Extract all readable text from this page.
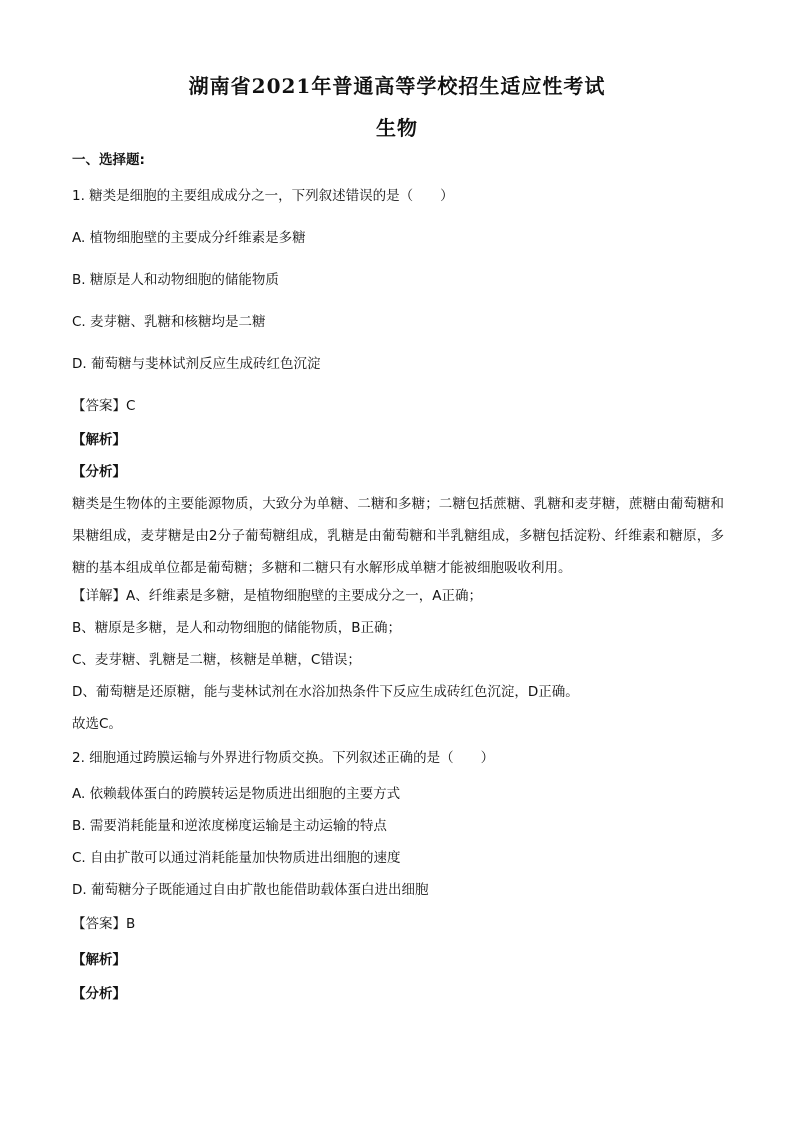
湖南省2021年普通高等学校招生适应性考试
生物
一、选择题:
1. 糖类是细胞的主要组成成分之一，下列叙述错误的是（　　）
A. 植物细胞壁的主要成分纤维素是多糖
B. 糖原是人和动物细胞的储能物质
C. 麦芽糖、乳糖和核糖均是二糖
D. 葡萄糖与斐林试剂反应生成砖红色沉淀
【答案】C
【解析】
【分析】
糖类是生物体的主要能源物质，大致分为单糖、二糖和多糖；二糖包括蔗糖、乳糖和麦芽糖，蔗糖由葡萄糖和果糖组成，麦芽糖是由2分子葡萄糖组成，乳糖是由葡萄糖和半乳糖组成，多糖包括淀粉、纤维素和糖原，多糖的基本组成单位都是葡萄糖；多糖和二糖只有水解形成单糖才能被细胞吸收利用。
【详解】A、纤维素是多糖，是植物细胞壁的主要成分之一，A正确；
B、糖原是多糖，是人和动物细胞的储能物质，B正确；
C、麦芽糖、乳糖是二糖，核糖是单糖，C错误；
D、葡萄糖是还原糖，能与斐林试剂在水浴加热条件下反应生成砖红色沉淀，D正确。
故选C。
2. 细胞通过跨膜运输与外界进行物质交换。下列叙述正确的是（　　）
A. 依赖载体蛋白的跨膜转运是物质进出细胞的主要方式
B. 需要消耗能量和逆浓度梯度运输是主动运输的特点
C. 自由扩散可以通过消耗能量加快物质进出细胞的速度
D. 葡萄糖分子既能通过自由扩散也能借助载体蛋白进出细胞
【答案】B
【解析】
【分析】
